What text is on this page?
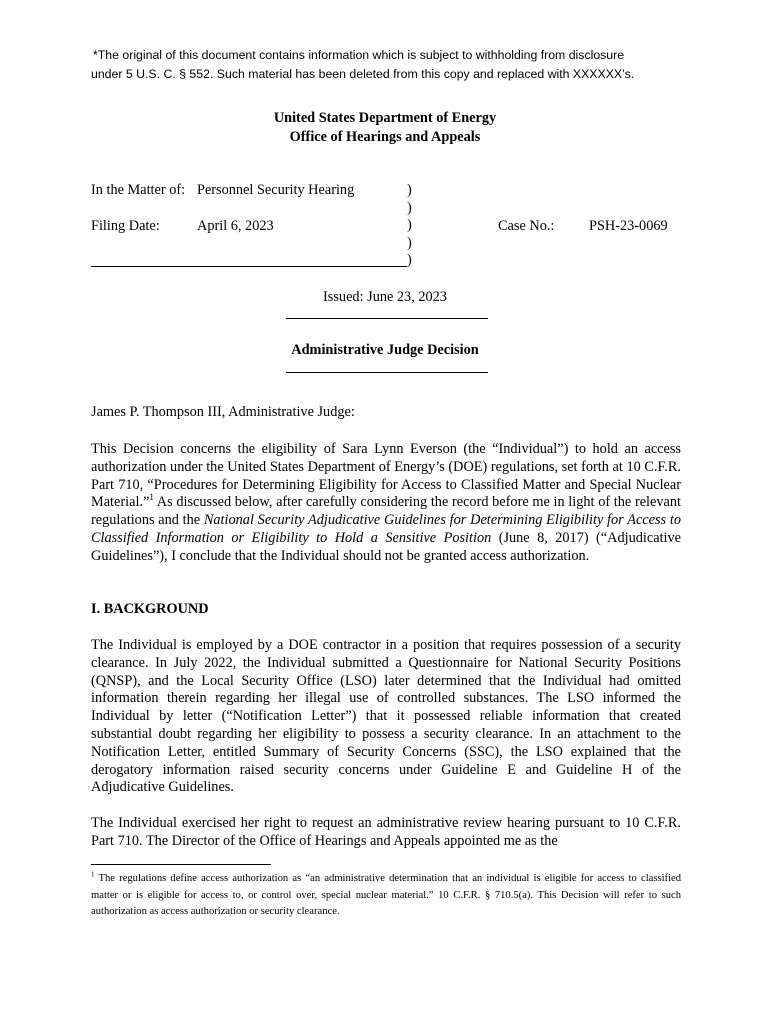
*The original of this document contains information which is subject to withholding from disclosure
under 5 U.S. C. § 552. Such material has been deleted from this copy and replaced with XXXXXX’s.
United States Department of Energy
Office of Hearings and Appeals
In the Matter of: Personnel Security Hearing
Filing Date:	April 6, 2023	Case No.: PSH-23-0069
)
)
)
)
)
Issued: June 23, 2023
Administrative Judge Decision
James P. Thompson III, Administrative Judge:
This Decision concerns the eligibility of Sara Lynn Everson (the “Individual”) to hold an access authorization under the United States Department of Energy’s (DOE) regulations, set forth at 10 C.F.R. Part 710, “Procedures for Determining Eligibility for Access to Classified Matter and Special Nuclear Material.”$^1$ As discussed below, after carefully considering the record before me in light of the relevant regulations and the National Security Adjudicative Guidelines for Determining Eligibility for Access to Classified Information or Eligibility to Hold a Sensitive Position (June 8, 2017) (“Adjudicative Guidelines”), I conclude that the Individual should not be granted access authorization.
I. BACKGROUND
The Individual is employed by a DOE contractor in a position that requires possession of a security clearance. In July 2022, the Individual submitted a Questionnaire for National Security Positions (QNSP), and the Local Security Office (LSO) later determined that the Individual had omitted information therein regarding her illegal use of controlled substances. The LSO informed the Individual by letter (“Notification Letter”) that it possessed reliable information that created substantial doubt regarding her eligibility to possess a security clearance. In an attachment to the Notification Letter, entitled Summary of Security Concerns (SSC), the LSO explained that the derogatory information raised security concerns under Guideline E and Guideline H of the Adjudicative Guidelines.
The Individual exercised her right to request an administrative review hearing pursuant to 10 C.F.R. Part 710. The Director of the Office of Hearings and Appeals appointed me as the
$^1$ The regulations define access authorization as “an administrative determination that an individual is eligible for access to classified matter or is eligible for access to, or control over, special nuclear material.” 10 C.F.R. § 710.5(a). This Decision will refer to such authorization as access authorization or security clearance.
